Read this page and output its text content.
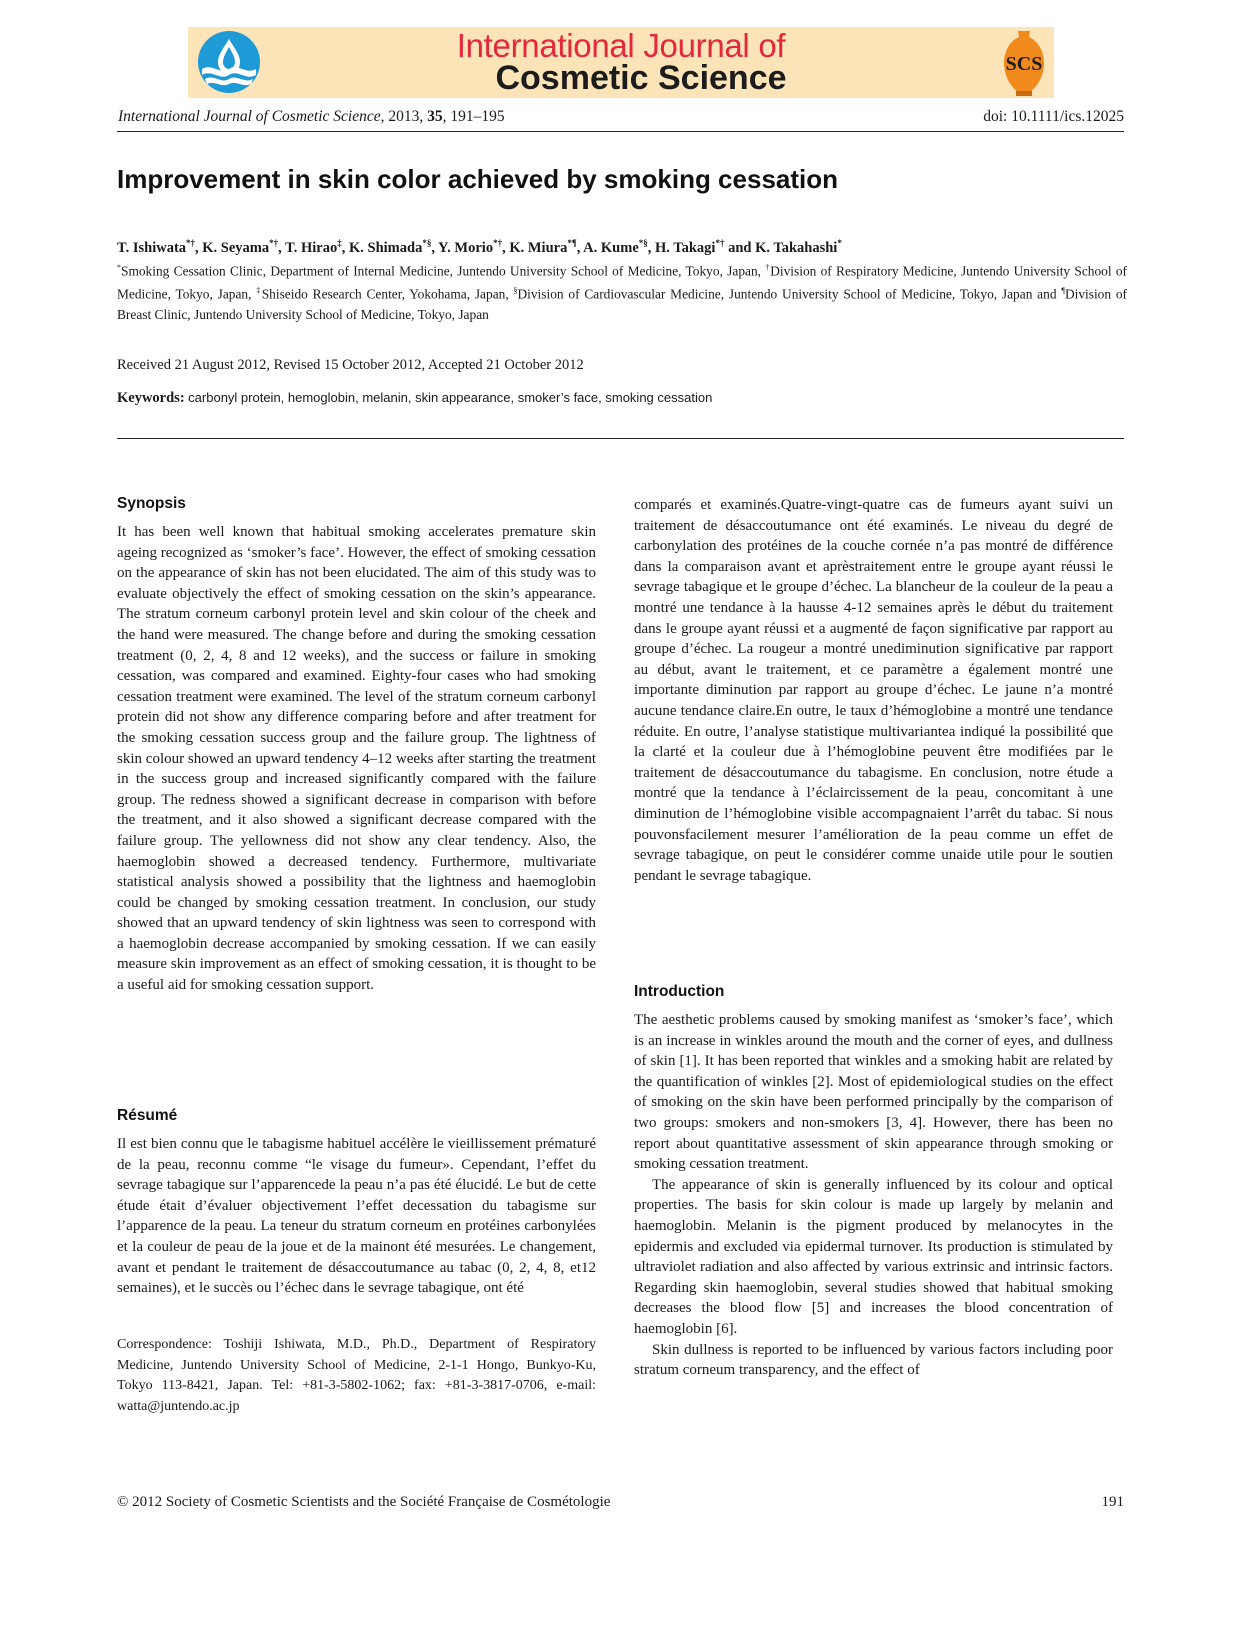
International Journal of
Cosmetic Science	SCS
International Journal of Cosmetic Science, 2013, 35, 191–195	doi: 10.1111/ics.12025
Improvement in skin color achieved by smoking cessation
T. Ishiwata*†, K. Seyama*†, T. Hirao‡, K. Shimada*§, Y. Morio*†, K. Miura*¶, A. Kume*§, H. Takagi*† and K. Takahashi*
*Smoking Cessation Clinic, Department of Internal Medicine, Juntendo University School of Medicine, Tokyo, Japan, †Division of Respiratory Medicine, Juntendo University School of Medicine, Tokyo, Japan, ‡Shiseido Research Center, Yokohama, Japan, §Division of Cardiovascular Medicine, Juntendo University School of Medicine, Tokyo, Japan and ¶Division of Breast Clinic, Juntendo University School of Medicine, Tokyo, Japan
Received 21 August 2012, Revised 15 October 2012, Accepted 21 October 2012
Keywords: carbonyl protein, hemoglobin, melanin, skin appearance, smoker’s face, smoking cessation
Synopsis

It has been well known that habitual smoking accelerates premature skin ageing recognized as ‘smoker’s face’. However, the effect of smoking cessation on the appearance of skin has not been elucidated. The aim of this study was to evaluate objectively the effect of smoking cessation on the skin’s appearance. The stratum corneum carbonyl protein level and skin colour of the cheek and the hand were measured. The change before and during the smoking cessation treatment (0, 2, 4, 8 and 12 weeks), and the success or failure in smoking cessation, was compared and examined. Eighty-four cases who had smoking cessation treatment were examined. The level of the stratum corneum carbonyl protein did not show any difference comparing before and after treatment for the smoking cessation success group and the failure group. The lightness of skin colour showed an upward tendency 4–12 weeks after starting the treatment in the success group and increased significantly compared with the failure group. The redness showed a significant decrease in comparison with before the treatment, and it also showed a significant decrease compared with the failure group. The yellowness did not show any clear tendency. Also, the haemoglobin showed a decreased tendency. Furthermore, multivariate statistical analysis showed a possibility that the lightness and haemoglobin could be changed by smoking cessation treatment. In conclusion, our study showed that an upward tendency of skin lightness was seen to correspond with a haemoglobin decrease accompanied by smoking cessation. If we can easily measure skin improvement as an effect of smoking cessation, it is thought to be a useful aid for smoking cessation support.

Résumé

Il est bien connu que le tabagisme habituel accélère le vieillissement prématuré de la peau, reconnu comme “le visage du fumeur». Cependant, l’effet du sevrage tabagique sur l’apparencede la peau n’a pas été élucidé. Le but de cette étude était d’évaluer objectivement l’effet decessation du tabagisme sur l’apparence de la peau. La teneur du stratum corneum en protéines carbonylées et la couleur de peau de la joue et de la mainont été mesurées. Le changement, avant et pendant le traitement de désaccoutumance au tabac (0, 2, 4, 8, et12 semaines), et le succès ou l’échec dans le sevrage tabagique, ont été

Correspondence: Toshiji Ishiwata, M.D., Ph.D., Department of Respiratory Medicine, Juntendo University School of Medicine, 2-1-1 Hongo, Bunkyo-Ku, Tokyo 113-8421, Japan. Tel: +81-3-5802-1062; fax: +81-3-3817-0706, e-mail: watta@juntendo.ac.jp

comparés et examinés.Quatre-vingt-quatre cas de fumeurs ayant suivi un traitement de désaccoutumance ont été examinés. Le niveau du degré de carbonylation des protéines de la couche cornée n’a pas montré de différence dans la comparaison avant et aprèstraitement entre le groupe ayant réussi le sevrage tabagique et le groupe d’échec. La blancheur de la couleur de la peau a montré une tendance à la hausse 4‑12 semaines après le début du traitement dans le groupe ayant réussi et a augmenté de façon significative par rapport au groupe d’échec. La rougeur a montré unediminution significative par rapport au début, avant le traitement, et ce paramètre a également montré une importante diminution par rapport au groupe d’échec. Le jaune n’a montré aucune tendance claire.En outre, le taux d’hémoglobine a montré une tendance réduite. En outre, l’analyse statistique multivariantea indiqué la possibilité que la clarté et la couleur due à l’hémoglobine peuvent être modifiées par le traitement de désaccoutumance du tabagisme. En conclusion, notre étude a montré que la tendance à l’éclaircissement de la peau, concomitant à une diminution de l’hémoglobine visible accompagnaient l’arrêt du tabac. Si nous pouvonsfacilement mesurer l’amélioration de la peau comme un effet de sevrage tabagique, on peut le considérer comme unaide utile pour le soutien pendant le sevrage tabagique.

Introduction

The aesthetic problems caused by smoking manifest as ‘smoker’s face’, which is an increase in winkles around the mouth and the corner of eyes, and dullness of skin [1]. It has been reported that winkles and a smoking habit are related by the quantification of winkles [2]. Most of epidemiological studies on the effect of smoking on the skin have been performed principally by the comparison of two groups: smokers and non-smokers [3, 4]. However, there has been no report about quantitative assessment of skin appearance through smoking or smoking cessation treatment.

The appearance of skin is generally influenced by its colour and optical properties. The basis for skin colour is made up largely by melanin and haemoglobin. Melanin is the pigment produced by melanocytes in the epidermis and excluded via epidermal turnover. Its production is stimulated by ultraviolet radiation and also affected by various extrinsic and intrinsic factors. Regarding skin haemoglobin, several studies showed that habitual smoking decreases the blood flow [5] and increases the blood concentration of haemoglobin [6].

Skin dullness is reported to be influenced by various factors including poor stratum corneum transparency, and the effect of

© 2012 Society of Cosmetic Scientists and the Société Française de Cosmétologie	191
